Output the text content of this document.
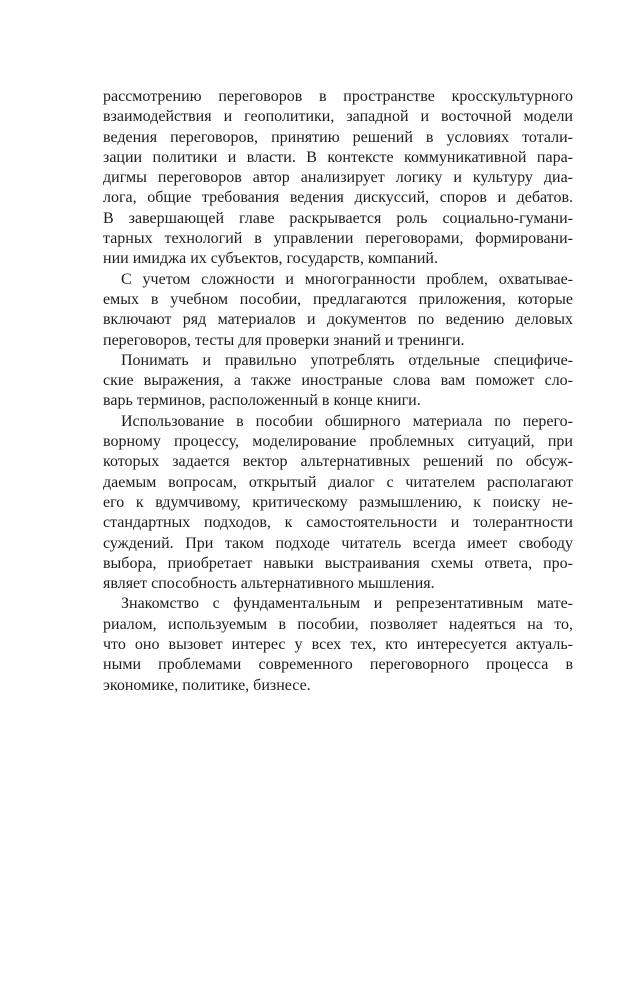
рассмотрению переговоров в пространстве кросскультурного
взаимодействия и геополитики, западной и восточной модели
ведения переговоров, принятию решений в условиях тотали-
зации политики и власти. В контексте коммуникативной пара-
дигмы переговоров автор анализирует логику и культуру диа-
лога, общие требования ведения дискуссий, споров и дебатов.
В завершающей главе раскрывается роль социально-гумани-
тарных технологий в управлении переговорами, формировани-
нии имиджа их субъектов, государств, компаний.

С учетом сложности и многогранности проблем, охватывае-
емых в учебном пособии, предлагаются приложения, которые
включают ряд материалов и документов по ведению деловых
переговоров, тесты для проверки знаний и тренинги.

Понимать и правильно употреблять отдельные специфиче-
ские выражения, а также иностраные слова вам поможет сло-
варь терминов, расположенный в конце книги.

Использование в пособии обширного материала по перего-
ворному процессу, моделирование проблемных ситуаций, при
которых задается вектор альтернативных решений по обсуж-
даемым вопросам, открытый диалог с читателем располагают
его к вдумчивому, критическому размышлению, к поиску не-
стандартных подходов, к самостоятельности и толерантности
суждений. При таком подходе читатель всегда имеет свободу
выбора, приобретает навыки выстраивания схемы ответа, про-
являет способность альтернативного мышления.

Знакомство с фундаментальным и репрезентативным мате-
риалом, используемым в пособии, позволяет надеяться на то,
что оно вызовет интерес у всех тех, кто интересуется актуаль-
ными проблемами современного переговорного процесса в
экономике, политике, бизнесе.
